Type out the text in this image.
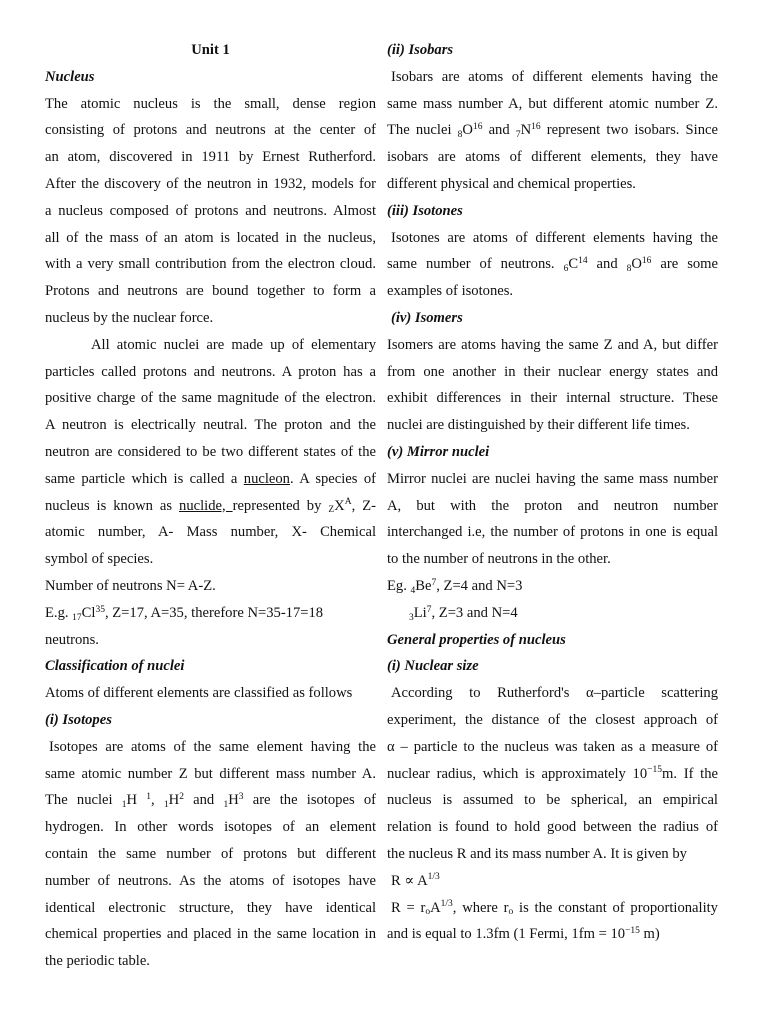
Unit 1
Nucleus
The atomic nucleus is the small, dense region
consisting of protons and neutrons at the center of
an atom, discovered in 1911 by Ernest Rutherford.
After the discovery of the neutron in 1932, models for
a nucleus composed of protons and neutrons. Almost
all of the mass of an atom is located in the nucleus,
with a very small contribution from the electron cloud.
Protons and neutrons are bound together to form a
nucleus by the nuclear force.
All atomic nuclei are made up of elementary
particles called protons and neutrons. A proton has a
positive charge of the same magnitude of the electron.
A neutron is electrically neutral. The proton and the
neutron are considered to be two different states of the
same particle which is called a nucleon. A species of
nucleus is known as nuclide, represented by $_ZX^A$, Z-
atomic number, A- Mass number, X- Chemical
symbol of species.
Number of neutrons N= A-Z.
E.g. $_{17}Cl^{35}$, Z=17, A=35, therefore N=35-17=18
neutrons.
Classification of nuclei
Atoms of different elements are classified as follows
(i) Isotopes
Isotopes are atoms of the same element having the
same atomic number Z but different mass number A.
The nuclei $_1$H $^1$, $_1H^2$ and $_1H^3$ are the isotopes of
hydrogen. In other words isotopes of an element
contain the same number of protons but different
number of neutrons. As the atoms of isotopes have
identical electronic structure, they have identical
chemical properties and placed in the same location in
the periodic table.
(ii) Isobars
Isobars are atoms of different elements having the
same mass number A, but different atomic number Z.
The nuclei $_8O^{16}$ and $_7N^{16}$ represent two isobars. Since
isobars are atoms of different elements, they have
different physical and chemical properties.
(iii) Isotones
Isotones are atoms of different elements having the
same number of neutrons. $_6C^{14}$ and $_8O^{16}$ are some
examples of isotones.
(iv) Isomers
Isomers are atoms having the same Z and A, but differ
from one another in their nuclear energy states and
exhibit differences in their internal structure. These
nuclei are distinguished by their different life times.
(v) Mirror nuclei
Mirror nuclei are nuclei having the same mass number
A, but with the proton and neutron number
interchanged i.e, the number of protons in one is equal
to the number of neutrons in the other.
Eg. $_4Be^7$, Z=4 and N=3
$_3Li^7$, Z=3 and N=4
General properties of nucleus
(i) Nuclear size
According to Rutherford's α–particle scattering
experiment, the distance of the closest approach of
α – particle to the nucleus was taken as a measure of
nuclear radius, which is approximately $10^{-15}m$. If the
nucleus is assumed to be spherical, an empirical
relation is found to hold good between the radius of
the nucleus R and its mass number A. It is given by
$R \propto A^{1/3}$
$R = r_oA^{1/3}$, where $r_o$ is the constant of proportionality
and is equal to 1.3fm (1 Fermi, $1fm = 10^{-15}$ m)
